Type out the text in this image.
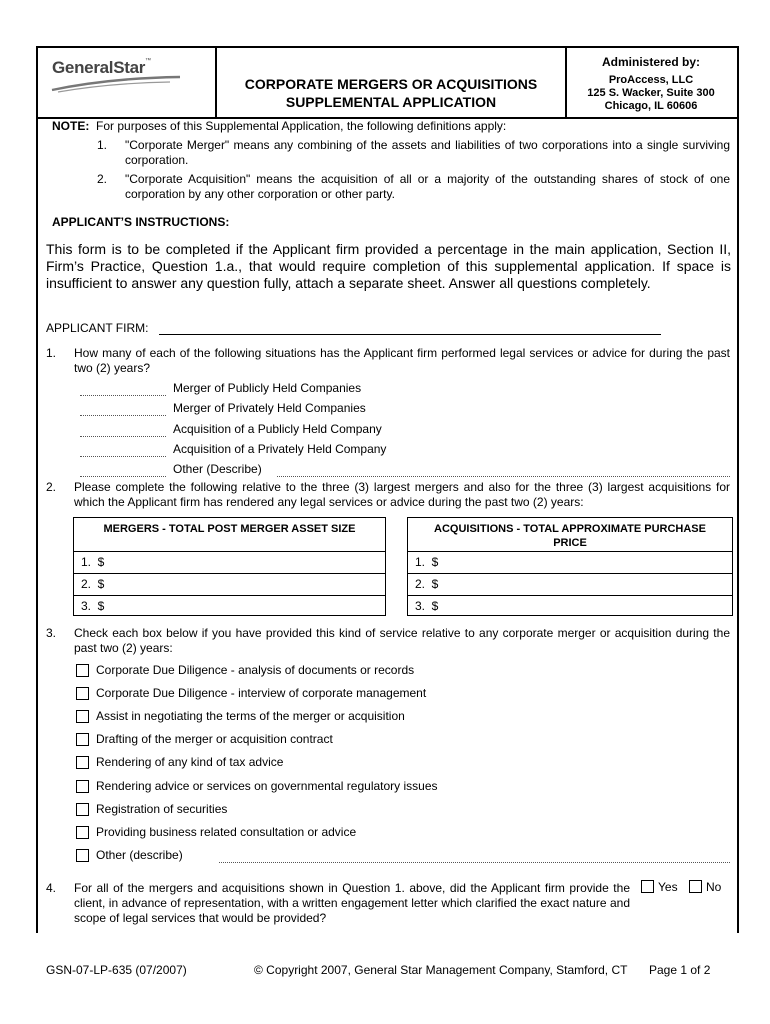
GeneralStar™
CORPORATE MERGERS OR ACQUISITIONS
SUPPLEMENTAL APPLICATION
Administered by:
ProAccess, LLC
125 S. Wacker, Suite 300
Chicago, IL 60606
NOTE: For purposes of this Supplemental Application, the following definitions apply:
1.	"Corporate Merger" means any combining of the assets and liabilities of two corporations into a single surviving corporation.
2.	"Corporate Acquisition" means the acquisition of all or a majority of the outstanding shares of stock of one corporation by any other corporation or other party.
APPLICANT’S INSTRUCTIONS:
This form is to be completed if the Applicant firm provided a percentage in the main application, Section II, Firm’s Practice, Question 1.a., that would require completion of this supplemental application. If space is insufficient to answer any question fully, attach a separate sheet. Answer all questions completely.
APPLICANT FIRM:
1. How many of each of the following situations has the Applicant firm performed legal services or advice for during the past two (2) years?
Merger of Publicly Held Companies
Merger of Privately Held Companies
Acquisition of a Publicly Held Company
Acquisition of a Privately Held Company
Other (Describe)
2. Please complete the following relative to the three (3) largest mergers and also for the three (3) largest acquisitions for which the Applicant firm has rendered any legal services or advice during the past two (2) years:
MERGERS - TOTAL POST MERGER ASSET SIZE
1.  $
2.  $
3.  $
ACQUISITIONS - TOTAL APPROXIMATE PURCHASE PRICE
1.  $
2.  $
3.  $
3. Check each box below if you have provided this kind of service relative to any corporate merger or acquisition during the past two (2) years:
Corporate Due Diligence - analysis of documents or records
Corporate Due Diligence - interview of corporate management
Assist in negotiating the terms of the merger or acquisition
Drafting of the merger or acquisition contract
Rendering of any kind of tax advice
Rendering advice or services on governmental regulatory issues
Registration of securities
Providing business related consultation or advice
Other (describe)
4. For all of the mergers and acquisitions shown in Question 1. above, did the Applicant firm provide the client, in advance of representation, with a written engagement letter which clarified the exact nature and scope of legal services that would be provided?
Yes No
GSN-07-LP-635 (07/2007)	© Copyright 2007, General Star Management Company, Stamford, CT Page 1 of 2
